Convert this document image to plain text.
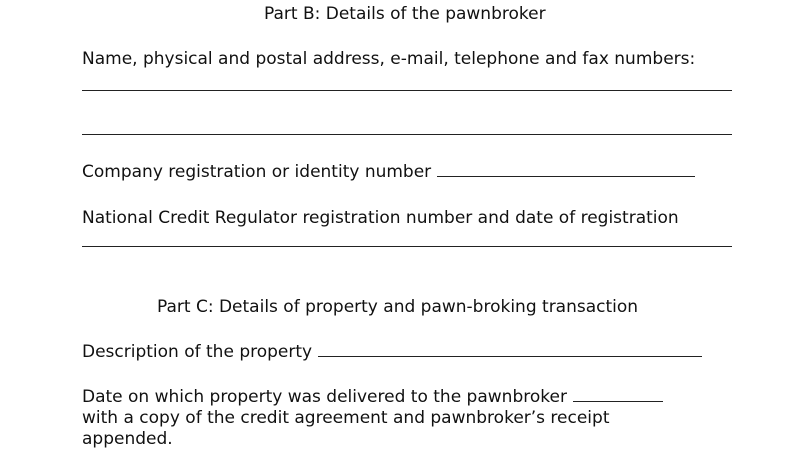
Part B: Details of the pawnbroker
Name, physical and postal address, e-mail, telephone and fax numbers:
Company registration or identity number
National Credit Regulator registration number and date of registration
Part C: Details of property and pawn-broking transaction
Description of the property
Date on which property was delivered to the pawnbroker
with a copy of the credit agreement and pawnbroker’s receipt
appended.
